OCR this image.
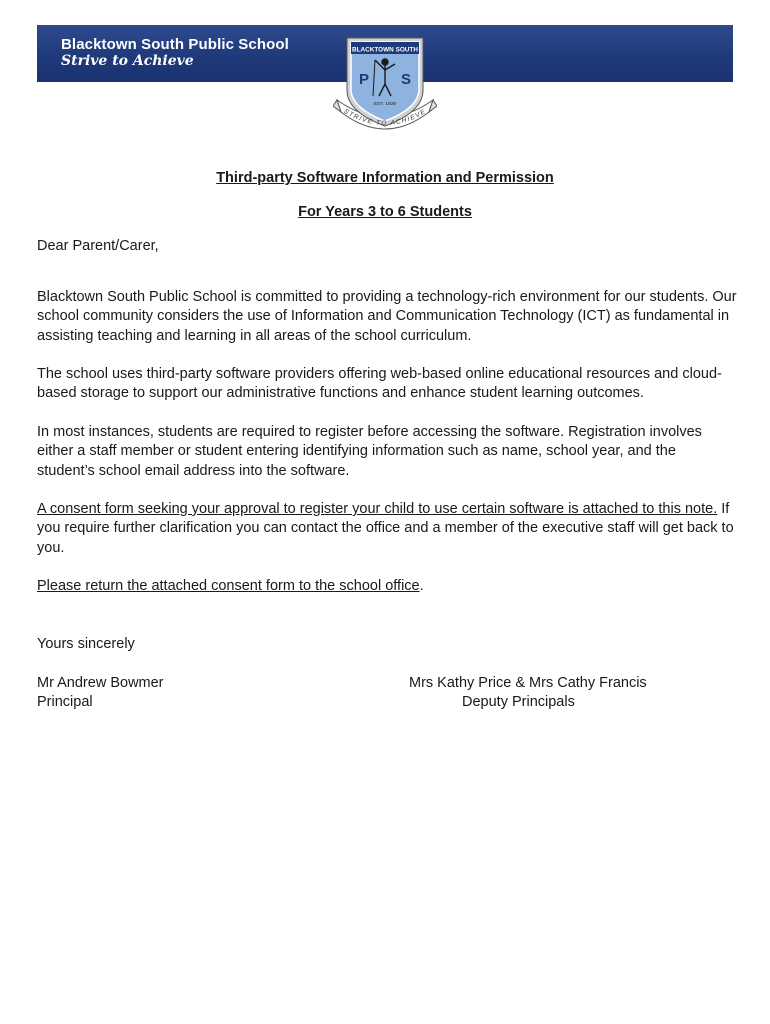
Blacktown South Public School
Strive to Achieve
BLACKTOWN SOUTH
P S
EST. 1926
STRIVE TO ACHIEVE
Third-party Software Information and Permission
For Years 3 to 6 Students

Dear Parent/Carer,

Blacktown South Public School is committed to providing a technology-rich environment for our students. Our school community considers the use of Information and Communication Technology (ICT) as fundamental in assisting teaching and learning in all areas of the school curriculum.

The school uses third-party software providers offering web-based online educational resources and cloud-based storage to support our administrative functions and enhance student learning outcomes.

In most instances, students are required to register before accessing the software. Registration involves either a staff member or student entering identifying information such as name, school year, and the student’s school email address into the software.

A consent form seeking your approval to register your child to use certain software is attached to this note. If you require further clarification you can contact the office and a member of the executive staff will get back to you.

Please return the attached consent form to the school office.

Yours sincerely

Mr Andrew Bowmer
Principal
Mrs Kathy Price & Mrs Cathy Francis
Deputy Principals
